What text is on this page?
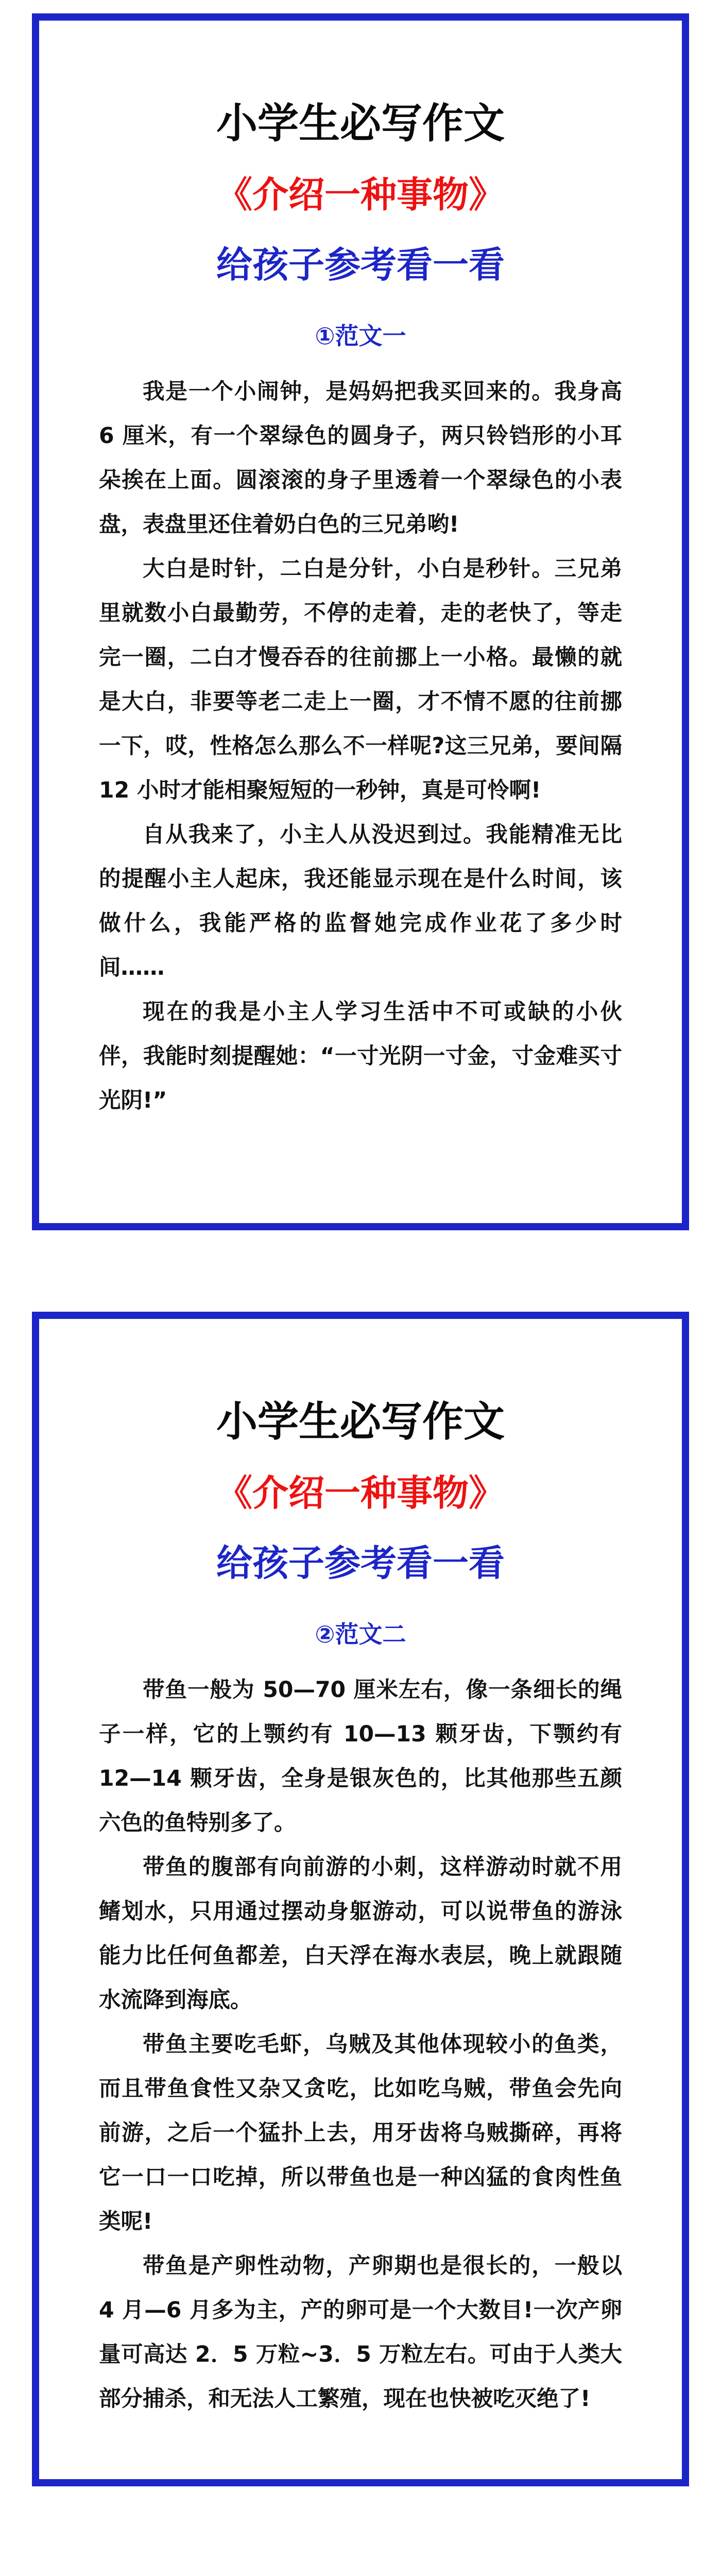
小学生必写作文
《介绍一种事物》
给孩子参考看一看
①范文一

我是一个小闹钟，是妈妈把我买回来的。我身高 6 厘米，有一个翠绿色的圆身子，两只铃铛形的小耳朵挨在上面。圆滚滚的身子里透着一个翠绿色的小表盘，表盘里还住着奶白色的三兄弟哟!

大白是时针，二白是分针，小白是秒针。三兄弟里就数小白最勤劳，不停的走着，走的老快了，等走完一圈，二白才慢吞吞的往前挪上一小格。最懒的就是大白，非要等老二走上一圈，才不情不愿的往前挪一下，哎，性格怎么那么不一样呢?这三兄弟，要间隔 12 小时才能相聚短短的一秒钟，真是可怜啊!

自从我来了，小主人从没迟到过。我能精准无比的提醒小主人起床，我还能显示现在是什么时间，该做什么，我能严格的监督她完成作业花了多少时间……

现在的我是小主人学习生活中不可或缺的小伙伴，我能时刻提醒她：“一寸光阴一寸金，寸金难买寸光阴!”

小学生必写作文
《介绍一种事物》
给孩子参考看一看
②范文二

带鱼一般为 50—70 厘米左右，像一条细长的绳子一样，它的上颚约有 10—13 颗牙齿，下颚约有 12—14 颗牙齿，全身是银灰色的，比其他那些五颜六色的鱼特别多了。

带鱼的腹部有向前游的小刺，这样游动时就不用鳍划水，只用通过摆动身躯游动，可以说带鱼的游泳能力比任何鱼都差，白天浮在海水表层，晚上就跟随水流降到海底。

带鱼主要吃毛虾，乌贼及其他体现较小的鱼类，而且带鱼食性又杂又贪吃，比如吃乌贼，带鱼会先向前游，之后一个猛扑上去，用牙齿将乌贼撕碎，再将它一口一口吃掉，所以带鱼也是一种凶猛的食肉性鱼类呢!

带鱼是产卵性动物，产卵期也是很长的，一般以 4 月—6 月多为主，产的卵可是一个大数目!一次产卵量可高达 2．5 万粒~3．5 万粒左右。可由于人类大部分捕杀，和无法人工繁殖，现在也快被吃灭绝了!
